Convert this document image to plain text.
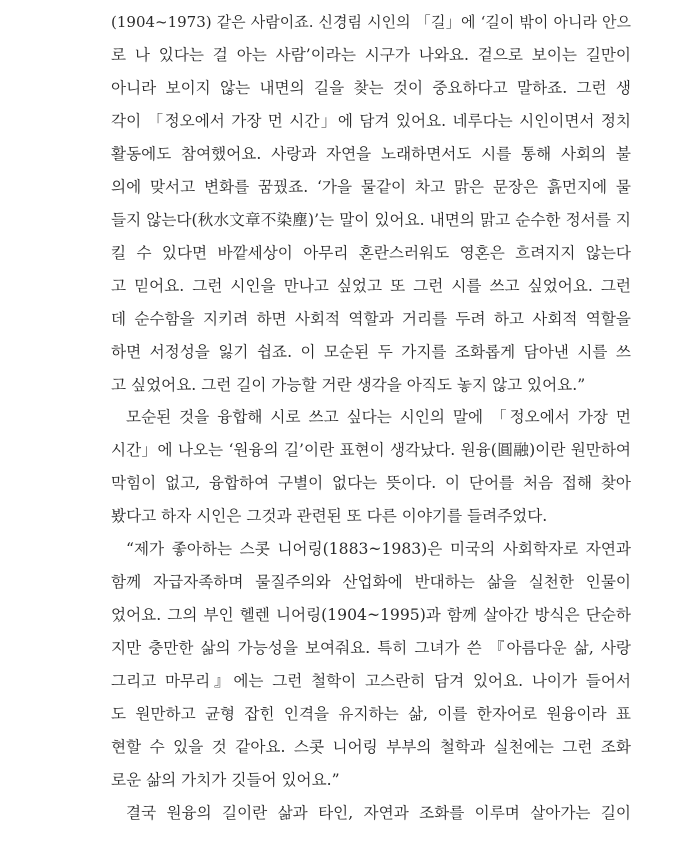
(1904~1973) 같은 사람이죠. 신경림 시인의 「길」에 ‘길이 밖이 아니라 안으
로 나 있다는 걸 아는 사람’이라는 시구가 나와요. 겉으로 보이는 길만이
아니라 보이지 않는 내면의 길을 찾는 것이 중요하다고 말하죠. 그런 생
각이 「정오에서 가장 먼 시간」에 담겨 있어요. 네루다는 시인이면서 정치
활동에도 참여했어요. 사랑과 자연을 노래하면서도 시를 통해 사회의 불
의에 맞서고 변화를 꿈꿨죠. ‘가을 물같이 차고 맑은 문장은 흙먼지에 물
들지 않는다(秋水文章不染塵)’는 말이 있어요. 내면의 맑고 순수한 정서를 지
킬 수 있다면 바깥세상이 아무리 혼란스러워도 영혼은 흐려지지 않는다
고 믿어요. 그런 시인을 만나고 싶었고 또 그런 시를 쓰고 싶었어요. 그런
데 순수함을 지키려 하면 사회적 역할과 거리를 두려 하고 사회적 역할을
하면 서정성을 잃기 쉽죠. 이 모순된 두 가지를 조화롭게 담아낸 시를 쓰
고 싶었어요. 그런 길이 가능할 거란 생각을 아직도 놓지 않고 있어요.”
모순된 것을 융합해 시로 쓰고 싶다는 시인의 말에 「정오에서 가장 먼
시간」에 나오는 ‘원융의 길’이란 표현이 생각났다. 원융(圓融)이란 원만하여
막힘이 없고, 융합하여 구별이 없다는 뜻이다. 이 단어를 처음 접해 찾아
봤다고 하자 시인은 그것과 관련된 또 다른 이야기를 들려주었다.
“제가 좋아하는 스콧 니어링(1883~1983)은 미국의 사회학자로 자연과
함께 자급자족하며 물질주의와 산업화에 반대하는 삶을 실천한 인물이
었어요. 그의 부인 헬렌 니어링(1904~1995)과 함께 살아간 방식은 단순하
지만 충만한 삶의 가능성을 보여줘요. 특히 그녀가 쓴 『아름다운 삶, 사랑
그리고 마무리』에는 그런 철학이 고스란히 담겨 있어요. 나이가 들어서
도 원만하고 균형 잡힌 인격을 유지하는 삶, 이를 한자어로 원융이라 표
현할 수 있을 것 같아요. 스콧 니어링 부부의 철학과 실천에는 그런 조화
로운 삶의 가치가 깃들어 있어요.”
결국 원융의 길이란 삶과 타인, 자연과 조화를 이루며 살아가는 길이
